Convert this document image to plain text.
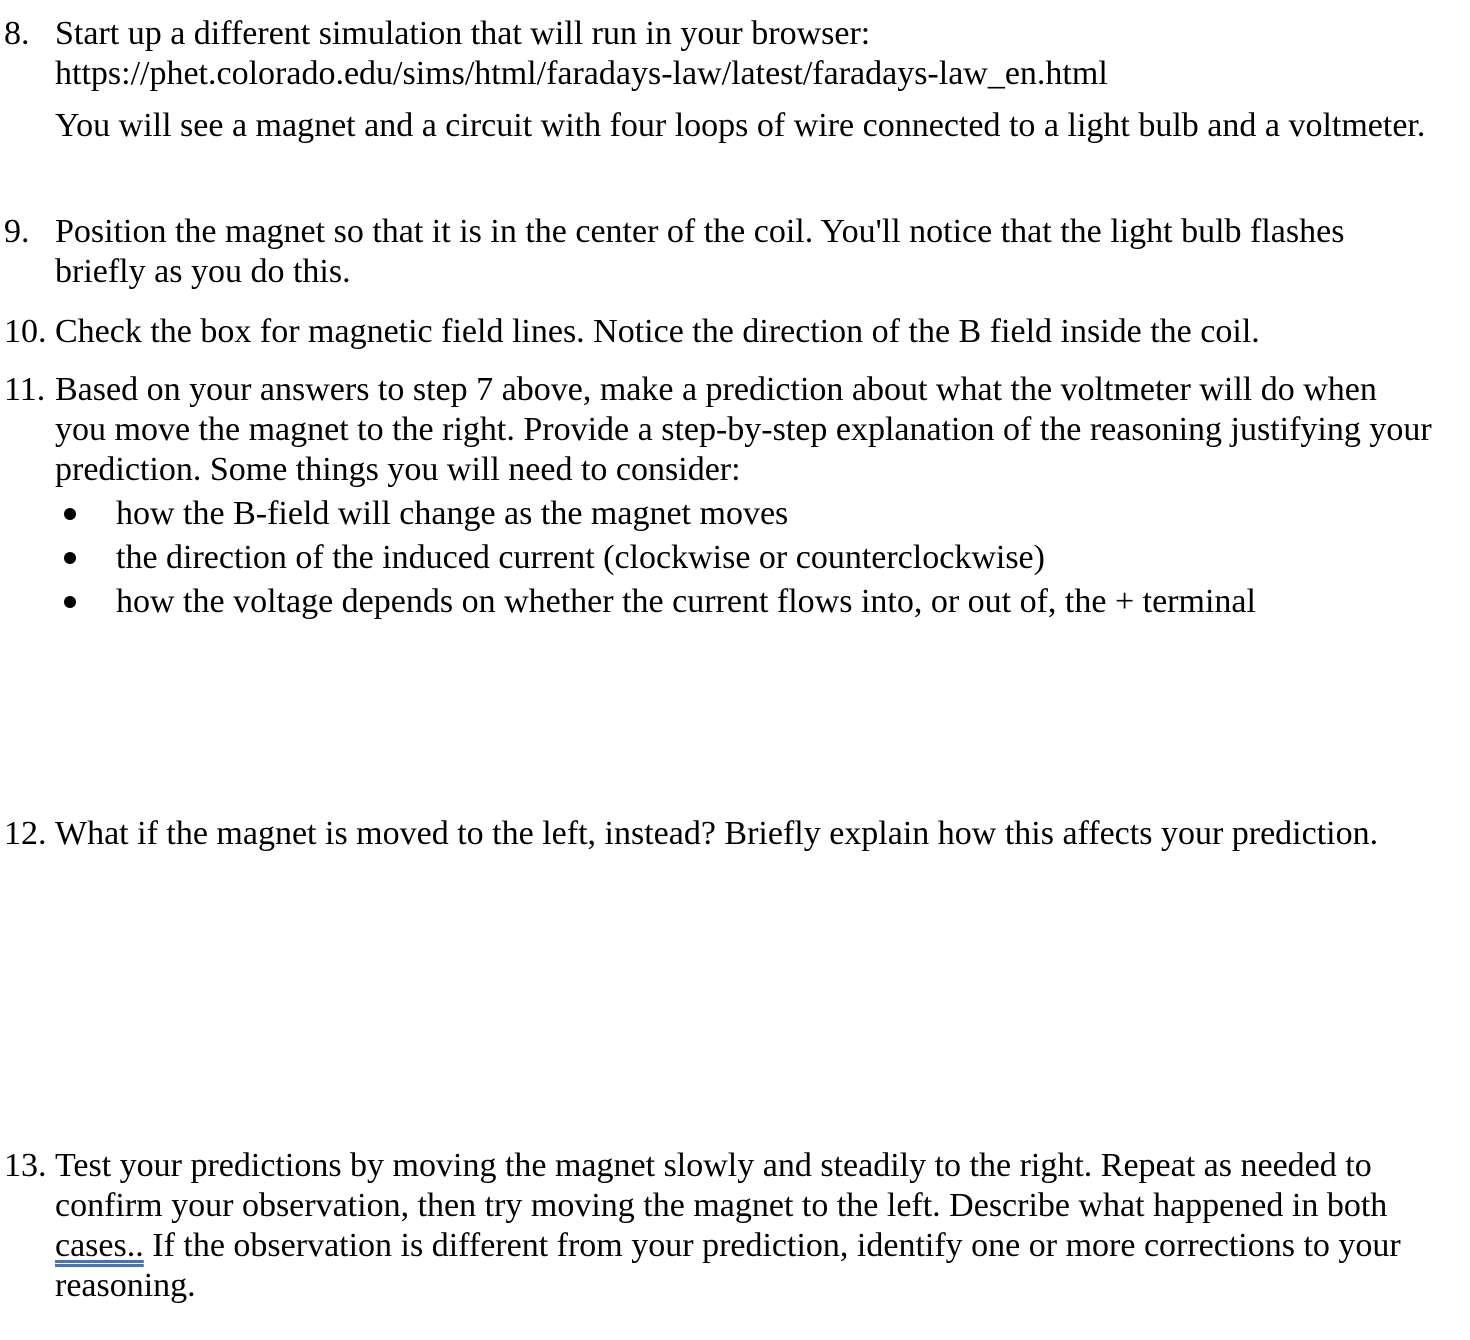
8. Start up a different simulation that will run in your browser:
https://phet.colorado.edu/sims/html/faradays-law/latest/faradays-law_en.html
You will see a magnet and a circuit with four loops of wire connected to a light bulb and a voltmeter.
9. Position the magnet so that it is in the center of the coil. You'll notice that the light bulb flashes briefly as you do this.
10. Check the box for magnetic field lines. Notice the direction of the B field inside the coil.
11. Based on your answers to step 7 above, make a prediction about what the voltmeter will do when you move the magnet to the right. Provide a step-by-step explanation of the reasoning justifying your prediction. Some things you will need to consider:
how the B-field will change as the magnet moves
the direction of the induced current (clockwise or counterclockwise)
how the voltage depends on whether the current flows into, or out of, the + terminal
12. What if the magnet is moved to the left, instead? Briefly explain how this affects your prediction.
13. Test your predictions by moving the magnet slowly and steadily to the right. Repeat as needed to confirm your observation, then try moving the magnet to the left. Describe what happened in both cases.. If the observation is different from your prediction, identify one or more corrections to your reasoning.
